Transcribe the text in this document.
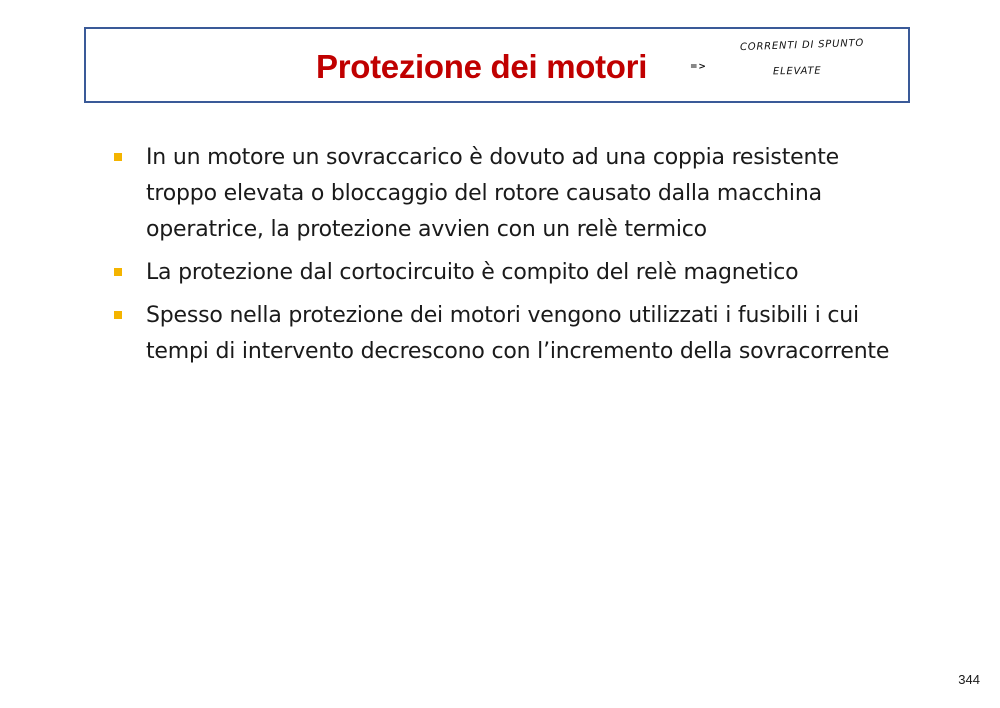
Protezione dei motori	=>
CORRENTI DI SPUNTO
ELEVATE
In un motore un sovraccarico è dovuto ad una coppia resistente troppo elevata o bloccaggio del rotore causato dalla macchina operatrice, la protezione avvien con un relè termico
La protezione dal cortocircuito è compito del relè magnetico
Spesso nella protezione dei motori vengono utilizzati i fusibili i cui tempi di intervento decrescono con l’incremento della sovracorrente
344
